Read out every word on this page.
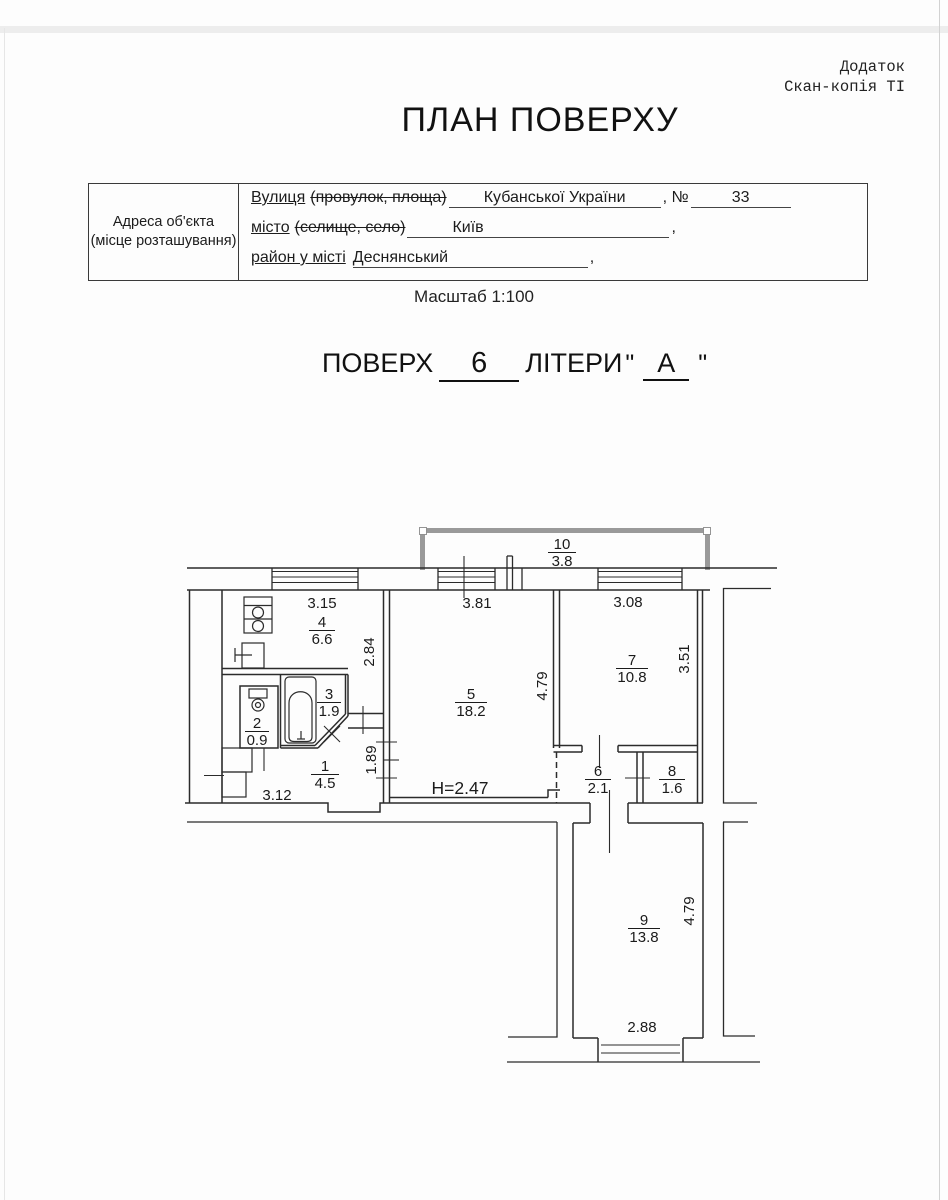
Додаток
Скан-копія ТІ
ПЛАН ПОВЕРХУ
Адреса об'єкта
(місце розташування)
Вулиця (провулок, площа)	Кубанської України	, №	33
місто (селище, село)	Київ	,
район у місті Деснянський	,
Масштаб 1:100
ПОВЕРХ	6	ЛІТЕРИ " А "
10
3.8
4
6.6
2
0.9
3
1.9
1
4.5
5
18.2
7
10.8
6
2.1
8
1.6
9
13.8
3.15
2.84
3.81
4.79
3.08
3.51
1.89
3.12	Н=2.47
4.79
2.88
